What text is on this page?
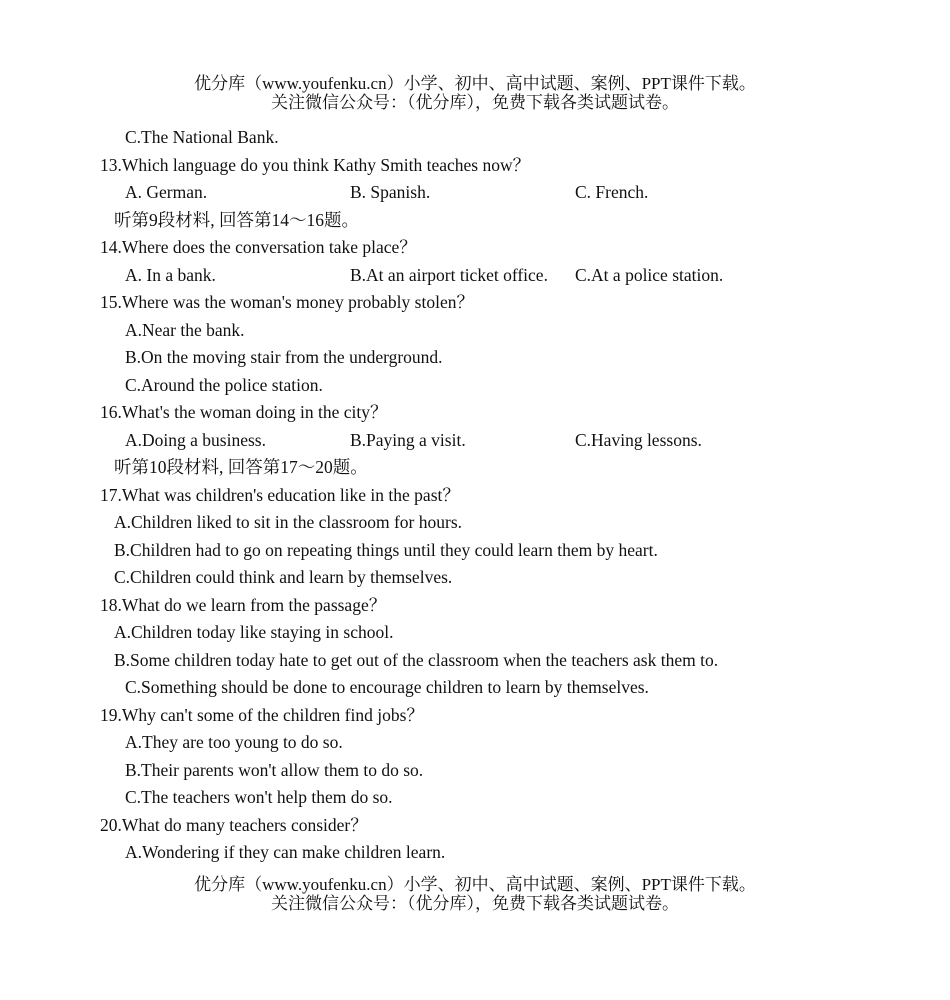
优分库（www.youfenku.cn）小学、初中、高中试题、案例、PPT课件下载。
关注微信公众号：（优分库），免费下载各类试题试卷。
C.The National Bank.
13.Which language do you think Kathy Smith teaches now？
A. German.	B. Spanish.	C. French.
听第9段材料, 回答第14～16题。
14.Where does the conversation take place？
A. In a bank.	B.At an airport ticket office. C.At a police station.
15.Where was the woman's money probably stolen？
A.Near the bank.
B.On the moving stair from the underground.
C.Around the police station.
16.What's the woman doing in the city？
A.Doing a business.	B.Paying a visit.	C.Having lessons.
听第10段材料, 回答第17～20题。
17.What was children's education like in the past？
A.Children liked to sit in the classroom for hours.
B.Children had to go on repeating things until they could learn them by heart.
C.Children could think and learn by themselves.
18.What do we learn from the passage？
A.Children today like staying in school.
B.Some children today hate to get out of the classroom when the teachers ask them to.
C.Something should be done to encourage children to learn by themselves.
19.Why can't some of the children find jobs？
A.They are too young to do so.
B.Their parents won't allow them to do so.
C.The teachers won't help them do so.
20.What do many teachers consider？
A.Wondering if they can make children learn.
优分库（www.youfenku.cn）小学、初中、高中试题、案例、PPT课件下载。
关注微信公众号：（优分库），免费下载各类试题试卷。
